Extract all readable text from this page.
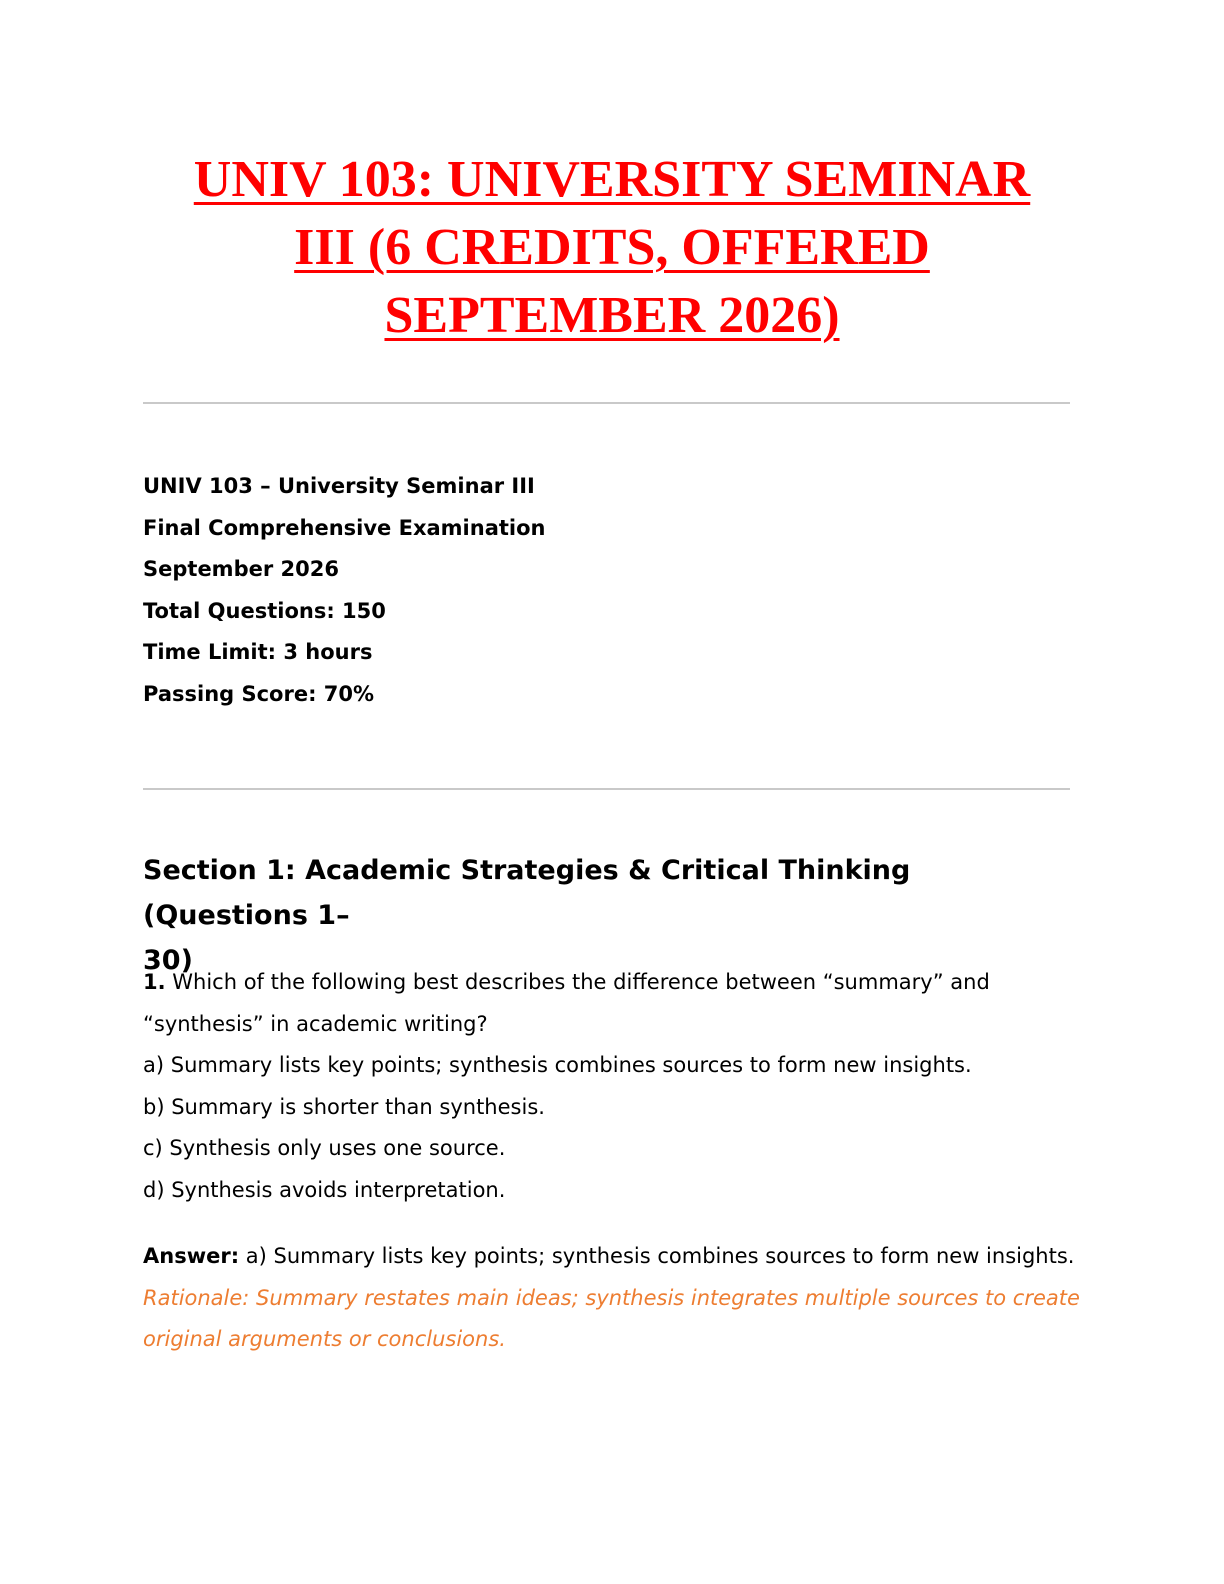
UNIV 103: UNIVERSITY SEMINAR
III (6 CREDITS, OFFERED
SEPTEMBER 2026)
UNIV 103 – University Seminar III
Final Comprehensive Examination
September 2026
Total Questions: 150
Time Limit: 3 hours
Passing Score: 70%
Section 1: Academic Strategies & Critical Thinking (Questions 1–
30)
1. Which of the following best describes the difference between “summary” and
“synthesis” in academic writing?
a) Summary lists key points; synthesis combines sources to form new insights.
b) Summary is shorter than synthesis.
c) Synthesis only uses one source.
d) Synthesis avoids interpretation.
Answer: a) Summary lists key points; synthesis combines sources to form new insights.
Rationale: Summary restates main ideas; synthesis integrates multiple sources to create
original arguments or conclusions.
